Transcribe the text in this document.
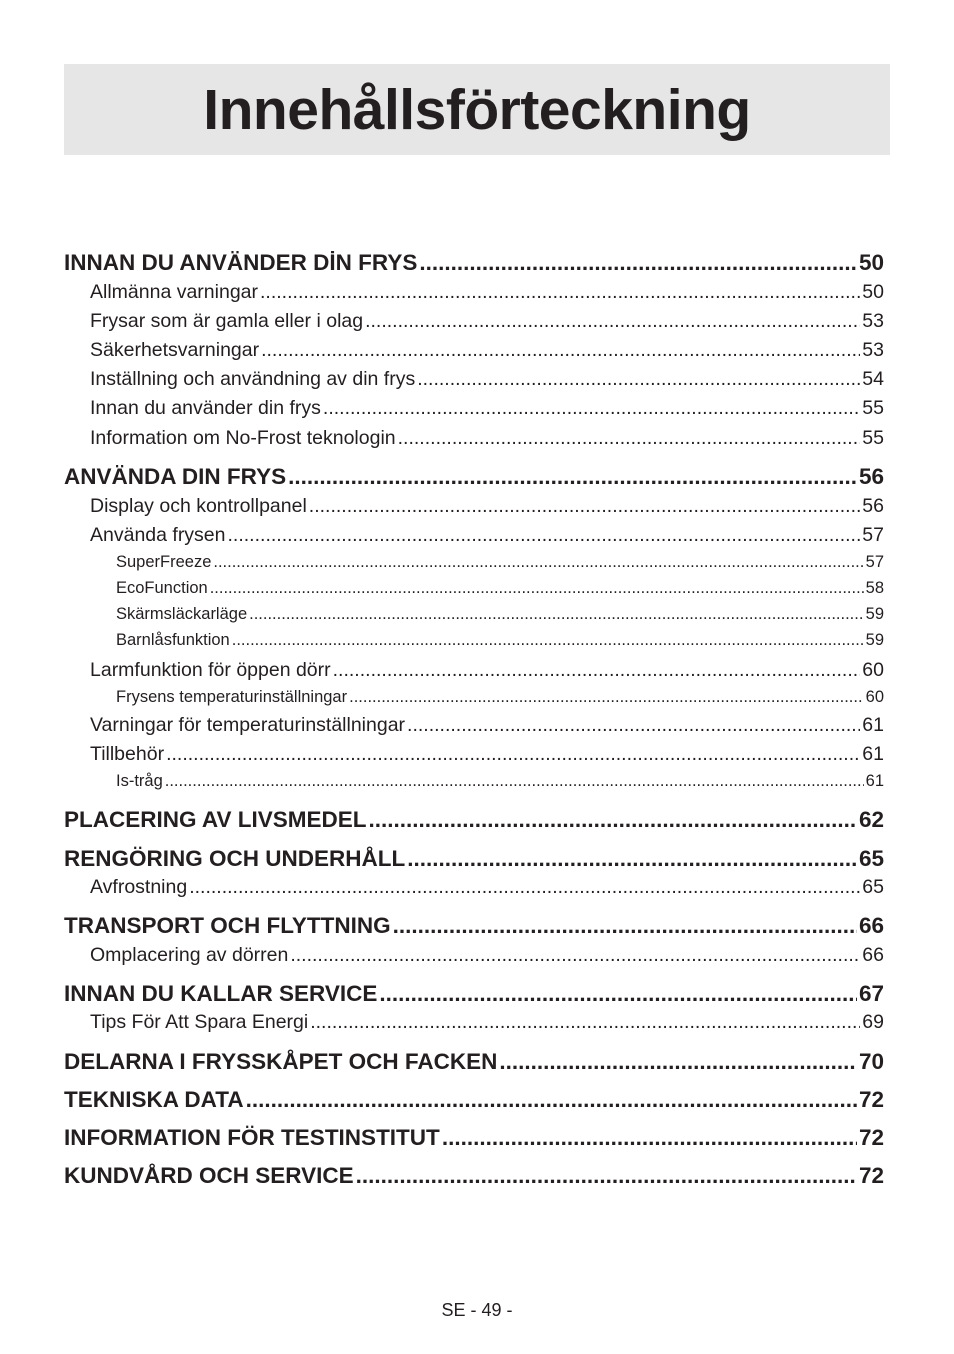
Innehållsförteckning
INNAN DU ANVÄNDER DİN FRYS .....	50
Allmänna varningar .....	50
Frysar som är gamla eller i olag .....	53
Säkerhetsvarningar .....	53
Inställning och användning av din frys .....	54
Innan du använder din frys .....	55
Information om No-Frost teknologin .....	55
ANVÄNDA DIN FRYS .....	56
Display och kontrollpanel .....	56
Använda frysen .....	57
SuperFreeze .....	57
EcoFunction .....	58
Skärmsläckarläge .....	59
Barnlåsfunktion .....	59
Larmfunktion för öppen dörr .....	60
Frysens temperaturinställningar .....	60
Varningar för temperaturinställningar .....	61
Tillbehör .....	61
Is-tråg .....	61
PLACERING AV LIVSMEDEL .....	62
RENGÖRING OCH UNDERHÅLL .....	65
Avfrostning .....	65
TRANSPORT OCH FLYTTNING .....	66
Omplacering av dörren .....	66
INNAN DU KALLAR SERVICE .....	67
Tips För Att Spara Energi .....	69
DELARNA I FRYSSKÅPET OCH FACKEN .....	70
TEKNISKA DATA .....	72
INFORMATION FÖR TESTINSTITUT .....	72
KUNDVÅRD OCH SERVICE .....	72
SE - 49 -
